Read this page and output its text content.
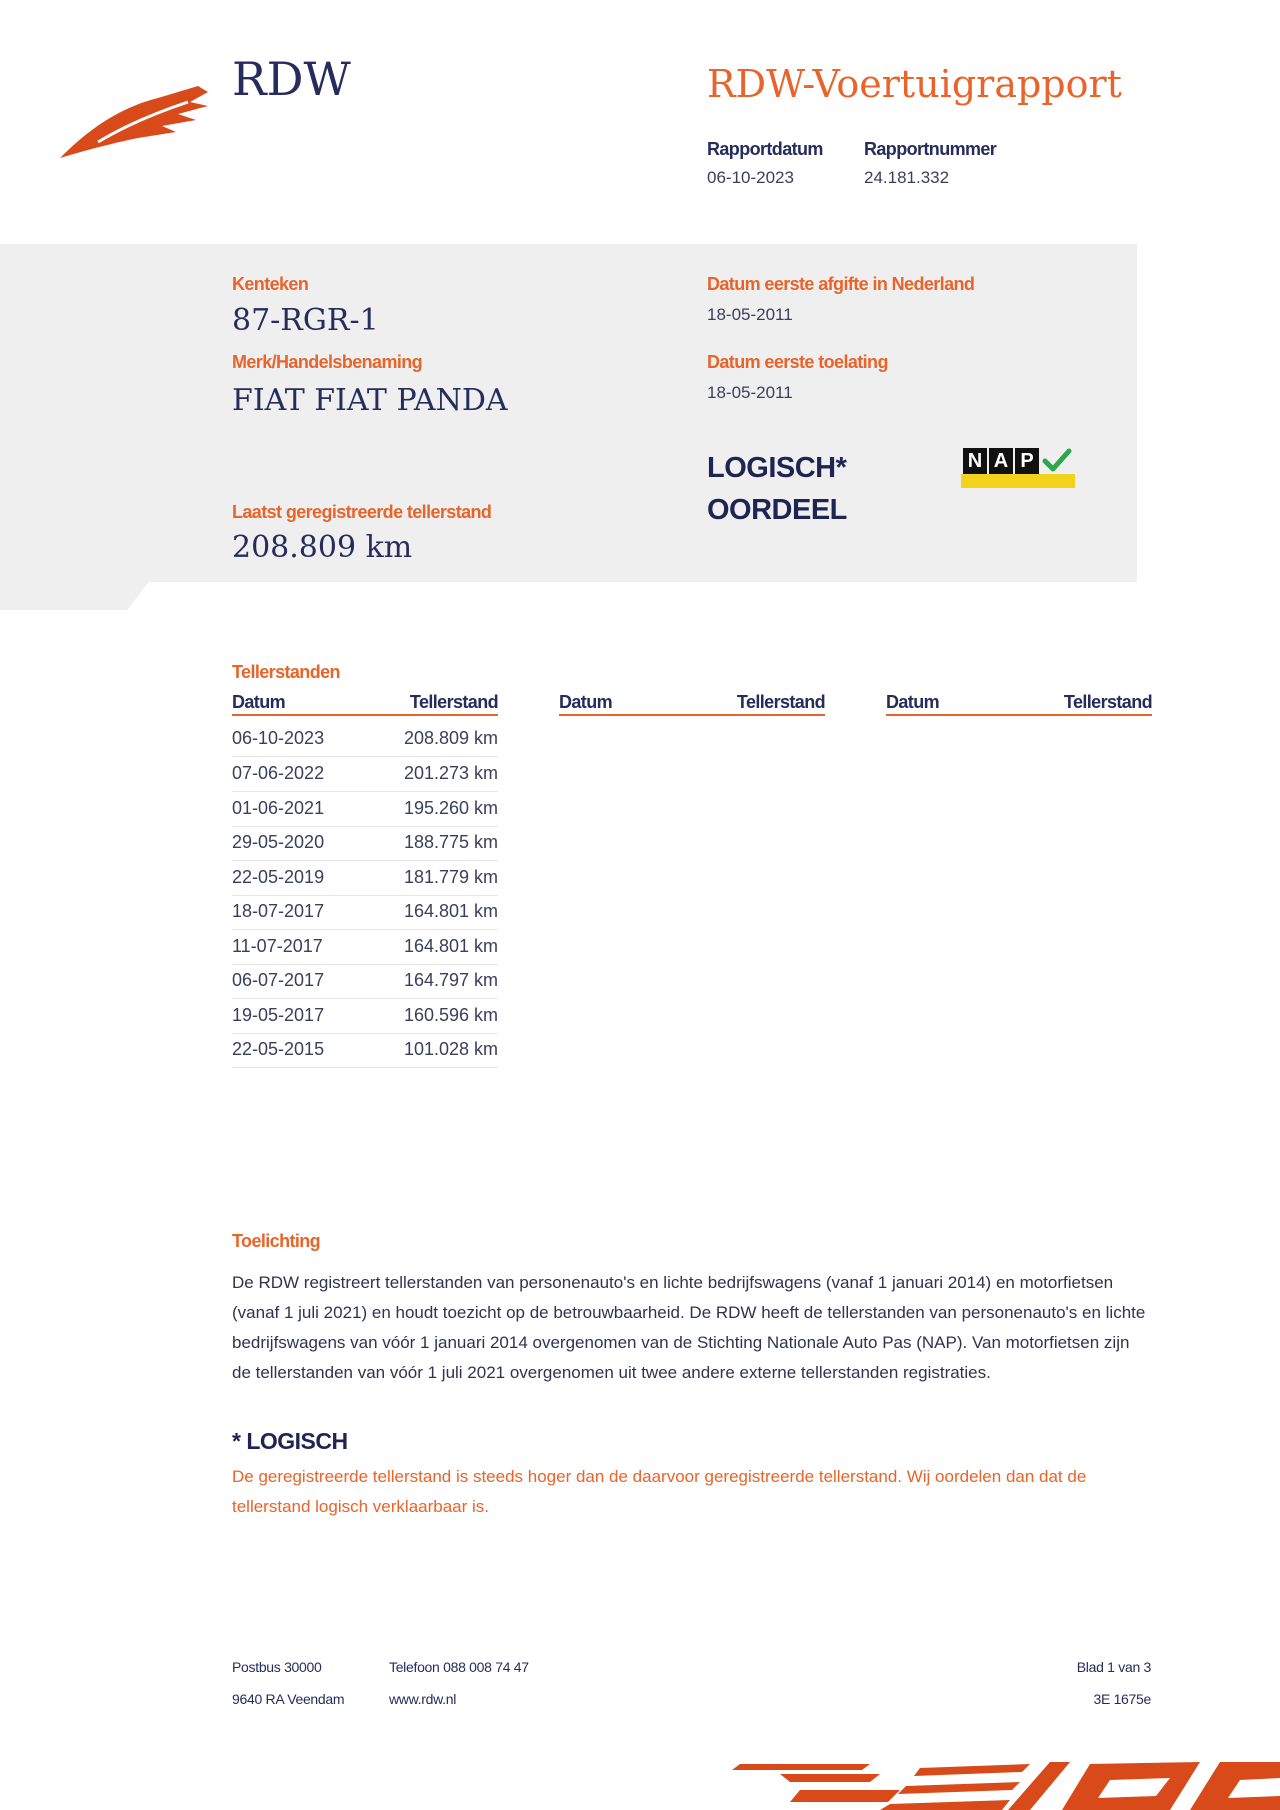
RDW	RDW-Voertuigrapport
Rapportdatum
06-10-2023
Rapportnummer
24.181.332
Kenteken
87-RGR-1
Merk/Handelsbenaming
FIAT FIAT PANDA
Laatst geregistreerde tellerstand
208.809 km
Datum eerste afgifte in Nederland
18-05-2011
Datum eerste toelating
18-05-2011
LOGISCH*
OORDEEL
N A P
Tellerstanden
Datum	Tellerstand	Datum	Tellerstand	Datum	Tellerstand
06-10-2023	208.809 km
07-06-2022	201.273 km
01-06-2021	195.260 km
29-05-2020	188.775 km
22-05-2019	181.779 km
18-07-2017	164.801 km
11-07-2017	164.801 km
06-07-2017	164.797 km
19-05-2017	160.596 km
22-05-2015	101.028 km
Toelichting
De RDW registreert tellerstanden van personenauto's en lichte bedrijfswagens (vanaf 1 januari 2014) en motorfietsen (vanaf 1 juli 2021) en houdt toezicht op de betrouwbaarheid. De RDW heeft de tellerstanden van personenauto's en lichte bedrijfswagens van vóór 1 januari 2014 overgenomen van de Stichting Nationale Auto Pas (NAP). Van motorfietsen zijn de tellerstanden van vóór 1 juli 2021 overgenomen uit twee andere externe tellerstanden registraties.
* LOGISCH
De geregistreerde tellerstand is steeds hoger dan de daarvoor geregistreerde tellerstand. Wij oordelen dan dat de tellerstand logisch verklaarbaar is.
Postbus 30000
9640 RA Veendam
Telefoon 088 008 74 47
www.rdw.nl
Blad 1 van 3
3E 1675e
